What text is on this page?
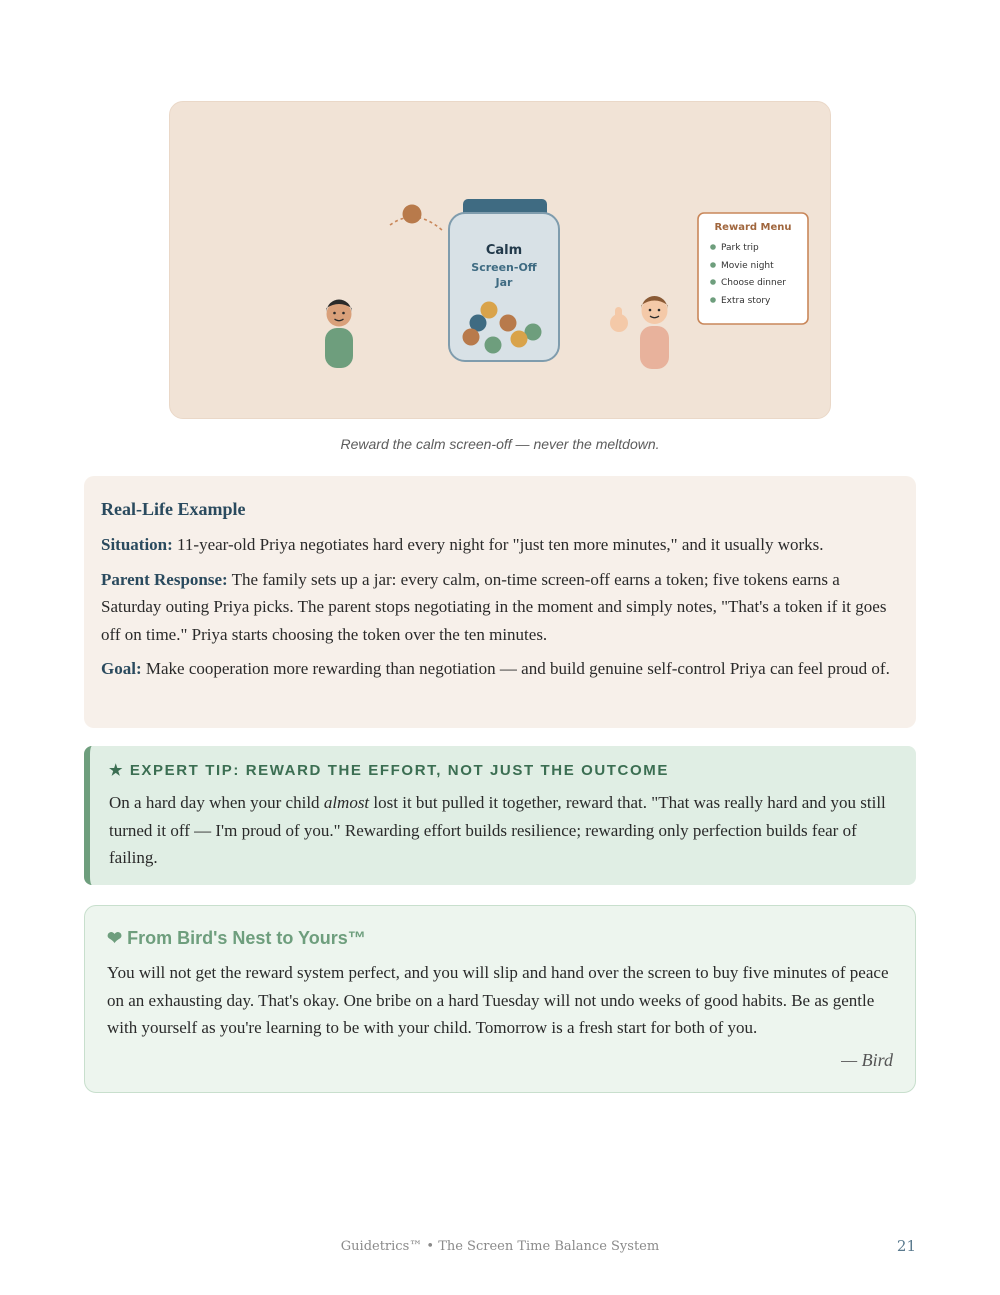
Calm
Screen-Off
Jar
Reward Menu
Park trip
Movie night
Choose dinner
Extra story
Reward the calm screen-off — never the meltdown.
Real-Life Example

Situation: 11-year-old Priya negotiates hard every night for "just ten more minutes," and it usually works.

Parent Response: The family sets up a jar: every calm, on-time screen-off earns a token; five tokens earns a Saturday outing Priya picks. The parent stops negotiating in the moment and simply notes, "That's a token if it goes off on time." Priya starts choosing the token over the ten minutes.

Goal: Make cooperation more rewarding than negotiation — and build genuine self-control Priya can feel proud of.

★ EXPERT TIP: REWARD THE EFFORT, NOT JUST THE OUTCOME

On a hard day when your child almost lost it but pulled it together, reward that. "That was really hard and you still turned it off — I'm proud of you." Rewarding effort builds resilience; rewarding only perfection builds fear of failing.

❤ From Bird's Nest to Yours™

You will not get the reward system perfect, and you will slip and hand over the screen to buy five minutes of peace on an exhausting day. That's okay. One bribe on a hard Tuesday will not undo weeks of good habits. Be as gentle with yourself as you're learning to be with your child. Tomorrow is a fresh start for both of you.

— Bird
Guidetrics™ • The Screen Time Balance System	21
